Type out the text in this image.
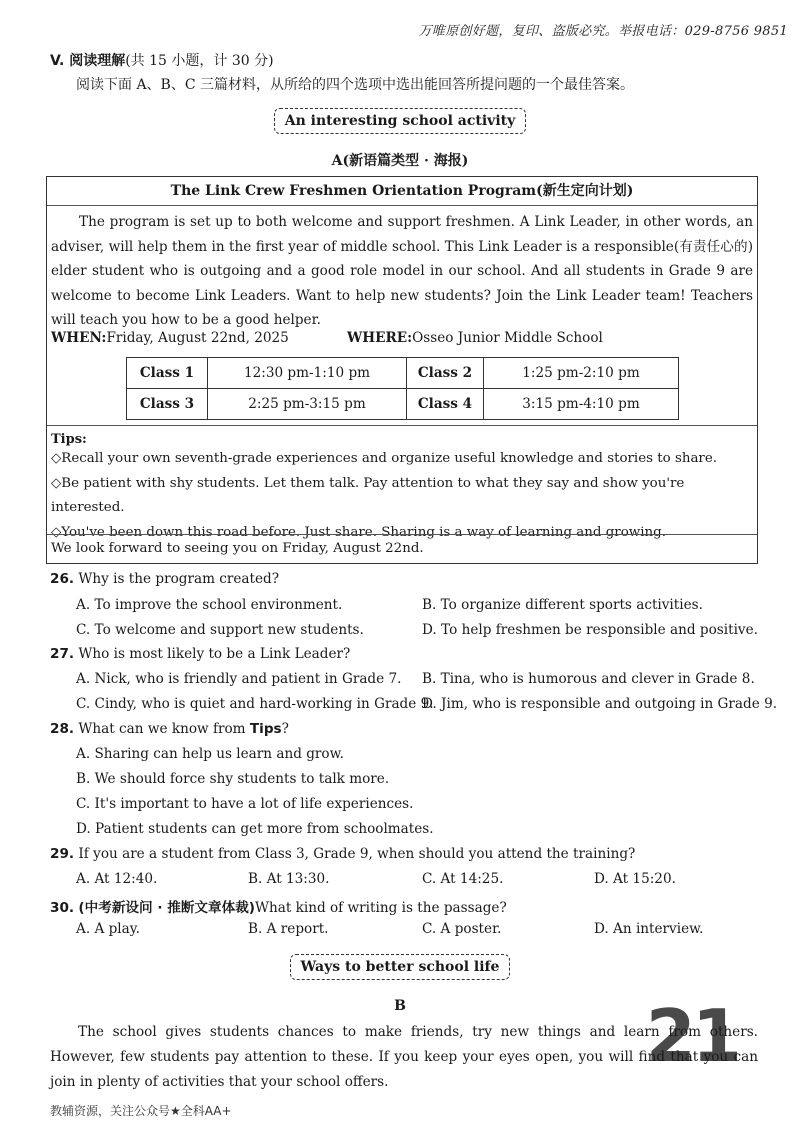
万唯原创好题，复印、盗版必究。举报电话：029-8756 9851
V. 阅读理解(共 15 小题，计 30 分)
阅读下面 A、B、C 三篇材料，从所给的四个选项中选出能回答所提问题的一个最佳答案。
An interesting school activity
A(新语篇类型 · 海报)
The Link Crew Freshmen Orientation Program(新生定向计划)
The program is set up to both welcome and support freshmen. A Link Leader, in other words, an adviser, will help them in the first year of middle school. This Link Leader is a responsible(有责任心的) elder student who is outgoing and a good role model in our school. And all students in Grade 9 are welcome to become Link Leaders. Want to help new students? Join the Link Leader team! Teachers will teach you how to be a good helper.
WHEN:Friday, August 22nd, 2025	WHERE:Osseo Junior Middle School
Class 1	12:30 pm-1:10 pm	Class 2	1:25 pm-2:10 pm
Class 3	2:25 pm-3:15 pm	Class 4	3:15 pm-4:10 pm
Tips:
◇Recall your own seventh-grade experiences and organize useful knowledge and stories to share.
◇Be patient with shy students. Let them talk. Pay attention to what they say and show you're interested.
◇You've been down this road before. Just share. Sharing is a way of learning and growing.
We look forward to seeing you on Friday, August 22nd.
26. Why is the program created?
A. To improve the school environment.	B. To organize different sports activities.
C. To welcome and support new students.	D. To help freshmen be responsible and positive.
27. Who is most likely to be a Link Leader?
A. Nick, who is friendly and patient in Grade 7. B. Tina, who is humorous and clever in Grade 8.
C. Cindy, who is quiet and hard-working in Grade 9.
D. Jim, who is responsible and outgoing in Grade 9.
28. What can we know from Tips?
A. Sharing can help us learn and grow.
B. We should force shy students to talk more.
C. It's important to have a lot of life experiences.
D. Patient students can get more from schoolmates.
29. If you are a student from Class 3, Grade 9, when should you attend the training?
A. At 12:40.	B. At 13:30.	C. At 14:25.	D. At 15:20.
30. (中考新设问 · 推断文章体裁)What kind of writing is the passage?
A. A play.	B. A report.	C. A poster.	D. An interview.
Ways to better school life
B	21
The school gives students chances to make friends, try new things and learn from others. However, few students pay attention to these. If you keep your eyes open, you will find that you can join in plenty of activities that your school offers.
教辅资源，关注公众号★全科AA+
